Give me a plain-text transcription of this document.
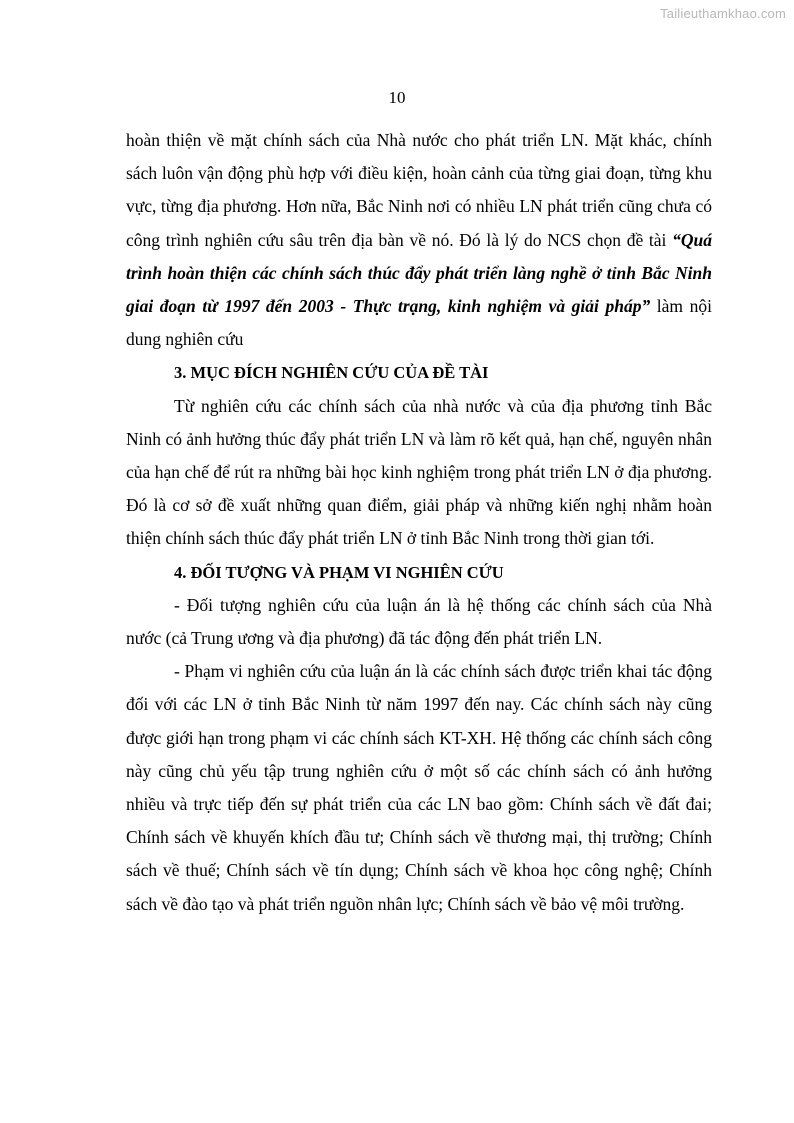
Tailieuthamkhao.com
10

hoàn thiện về mặt chính sách của Nhà nước cho phát triển LN. Mặt khác, chính sách luôn vận động phù hợp với điều kiện, hoàn cảnh của từng giai đoạn, từng khu vực, từng địa phương. Hơn nữa, Bắc Ninh nơi có nhiều LN phát triển cũng chưa có công trình nghiên cứu sâu trên địa bàn về nó. Đó là lý do NCS chọn đề tài “Quá trình hoàn thiện các chính sách thúc đẩy phát triển làng nghề ở tỉnh Bắc Ninh giai đoạn từ 1997 đến 2003 - Thực trạng, kinh nghiệm và giải pháp” làm nội dung nghiên cứu

3. MỤC ĐÍCH NGHIÊN CỨU CỦA ĐỀ TÀI

Từ nghiên cứu các chính sách của nhà nước và của địa phương tỉnh Bắc Ninh có ảnh hưởng thúc đẩy phát triển LN và làm rõ kết quả, hạn chế, nguyên nhân của hạn chế để rút ra những bài học kinh nghiệm trong phát triển LN ở địa phương. Đó là cơ sở đề xuất những quan điểm, giải pháp và những kiến nghị nhằm hoàn thiện chính sách thúc đẩy phát triển LN ở tỉnh Bắc Ninh trong thời gian tới.

4. ĐỐI TƯỢNG VÀ PHẠM VI NGHIÊN CỨU

- Đối tượng nghiên cứu của luận án là hệ thống các chính sách của Nhà nước (cả Trung ương và địa phương) đã tác động đến phát triển LN.

- Phạm vi nghiên cứu của luận án là các chính sách được triển khai tác động đối với các LN ở tỉnh Bắc Ninh từ năm 1997 đến nay. Các chính sách này cũng được giới hạn trong phạm vi các chính sách KT-XH. Hệ thống các chính sách công này cũng chủ yếu tập trung nghiên cứu ở một số các chính sách có ảnh hưởng nhiều và trực tiếp đến sự phát triển của các LN bao gồm: Chính sách về đất đai; Chính sách về khuyến khích đầu tư; Chính sách về thương mại, thị trường; Chính sách về thuế; Chính sách về tín dụng; Chính sách về khoa học công nghệ; Chính sách về đào tạo và phát triển nguồn nhân lực; Chính sách về bảo vệ môi trường.
